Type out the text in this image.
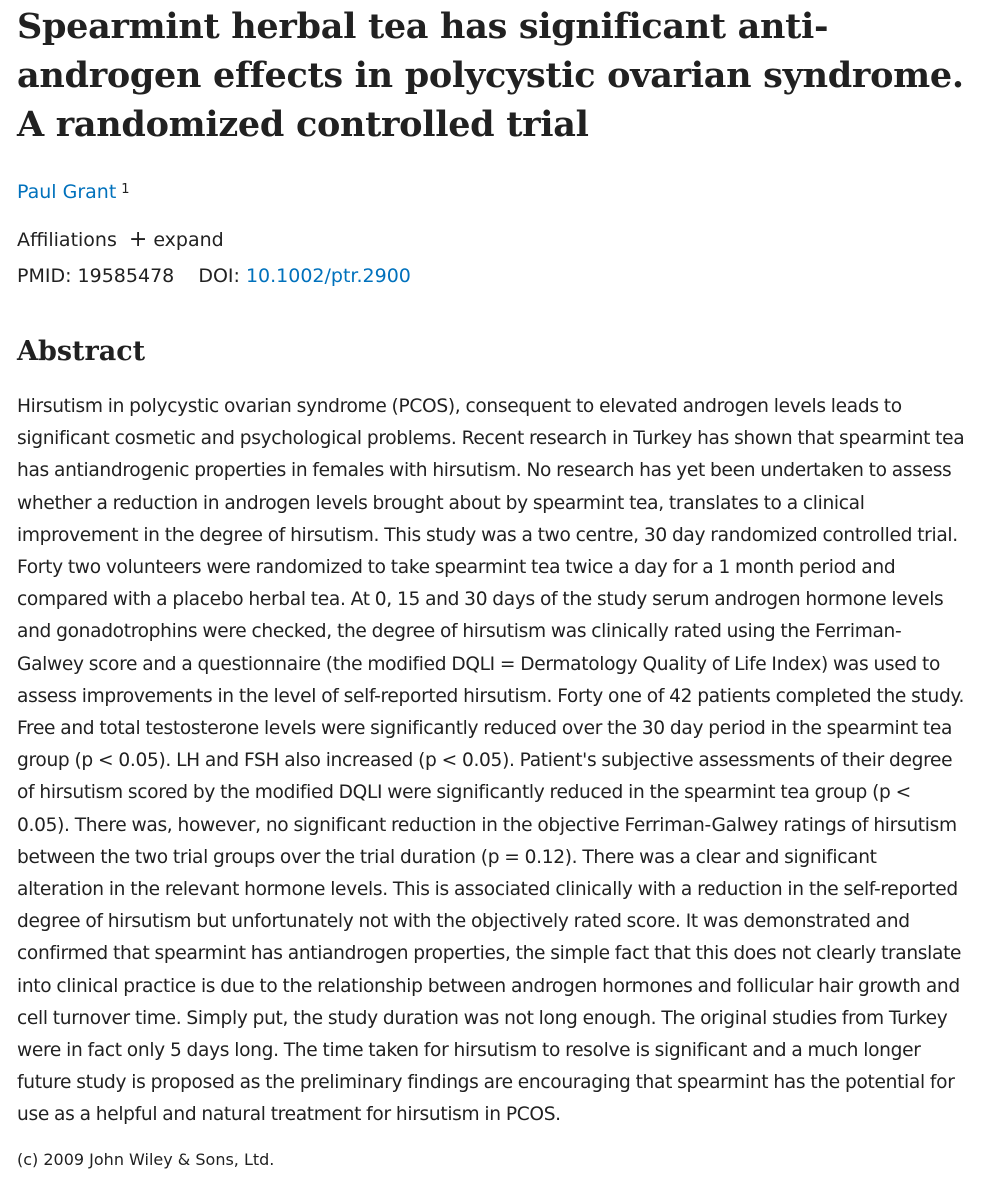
Spearmint herbal tea has significant anti-androgen effects in polycystic ovarian syndrome. A randomized controlled trial
Paul Grant $^1$
Affiliations + expand
PMID: 19585478 DOI: 10.1002/ptr.2900
Abstract
Hirsutism in polycystic ovarian syndrome (PCOS), consequent to elevated androgen levels leads to significant cosmetic and psychological problems. Recent research in Turkey has shown that spearmint tea has antiandrogenic properties in females with hirsutism. No research has yet been undertaken to assess whether a reduction in androgen levels brought about by spearmint tea, translates to a clinical improvement in the degree of hirsutism. This study was a two centre, 30 day randomized controlled trial. Forty two volunteers were randomized to take spearmint tea twice a day for a 1 month period and compared with a placebo herbal tea. At 0, 15 and 30 days of the study serum androgen hormone levels and gonadotrophins were checked, the degree of hirsutism was clinically rated using the Ferriman-Galwey score and a questionnaire (the modified DQLI = Dermatology Quality of Life Index) was used to assess improvements in the level of self-reported hirsutism. Forty one of 42 patients completed the study. Free and total testosterone levels were significantly reduced over the 30 day period in the spearmint tea group (p < 0.05). LH and FSH also increased (p < 0.05). Patient's subjective assessments of their degree of hirsutism scored by the modified DQLI were significantly reduced in the spearmint tea group (p < 0.05). There was, however, no significant reduction in the objective Ferriman-Galwey ratings of hirsutism between the two trial groups over the trial duration (p = 0.12). There was a clear and significant alteration in the relevant hormone levels. This is associated clinically with a reduction in the self-reported degree of hirsutism but unfortunately not with the objectively rated score. It was demonstrated and confirmed that spearmint has antiandrogen properties, the simple fact that this does not clearly translate into clinical practice is due to the relationship between androgen hormones and follicular hair growth and cell turnover time. Simply put, the study duration was not long enough. The original studies from Turkey were in fact only 5 days long. The time taken for hirsutism to resolve is significant and a much longer future study is proposed as the preliminary findings are encouraging that spearmint has the potential for use as a helpful and natural treatment for hirsutism in PCOS.
(c) 2009 John Wiley & Sons, Ltd.
